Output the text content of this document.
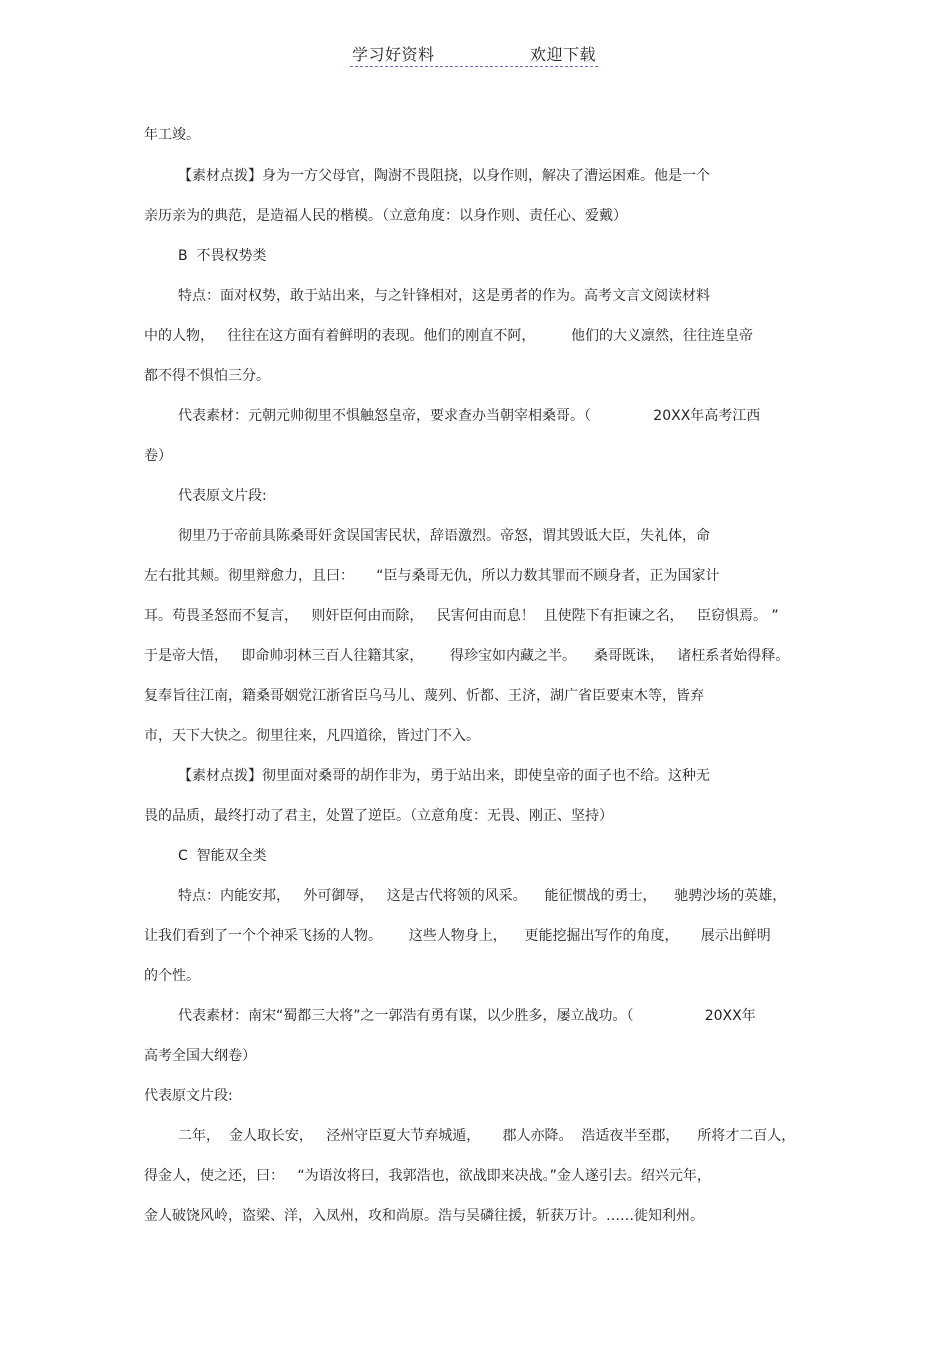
学习好资料	欢迎下载
年工竣。
【素材点拨】身为一方父母官，陶澍不畏阻挠，以身作则，解决了漕运困难。他是一个
亲历亲为的典范，是造福人民的楷模。（立意角度：以身作则、责任心、爱戴）
B  不畏权势类
特点：面对权势，敢于站出来，与之针锋相对，这是勇者的作为。高考文言文阅读材料
中的人物，   往往在这方面有着鲜明的表现。他们的刚直不阿，        他们的大义凛然，往往连皇帝
都不得不惧怕三分。
代表素材：元朝元帅彻里不惧触怒皇帝，要求查办当朝宰相桑哥。（              20XX年高考江西
卷）
代表原文片段:
彻里乃于帝前具陈桑哥奸贪误国害民状，辞语激烈。帝怒，谓其毁诋大臣，失礼体，命
左右批其颊。彻里辩愈力，且曰：     “臣与桑哥无仇，所以力数其罪而不顾身者，正为国家计
耳。苟畏圣怒而不复言，   则奸臣何由而除，   民害何由而息！  且使陛下有拒谏之名，   臣窃惧焉。 ”
于是帝大悟，   即命帅羽林三百人往籍其家，      得珍宝如内藏之半。    桑哥既诛，   诸枉系者始得释。
复奉旨往江南，籍桑哥姻党江浙省臣乌马儿、蔑列、忻都、王济，湖广省臣要束木等，皆弃
市，天下大快之。彻里往来，凡四道徐，皆过门不入。
【素材点拨】彻里面对桑哥的胡作非为，勇于站出来，即使皇帝的面子也不给。这种无
畏的品质，最终打动了君主，处置了逆臣。（立意角度：无畏、刚正、坚持）
C  智能双全类
特点：内能安邦，   外可御辱，   这是古代将领的风采。    能征惯战的勇士，    驰骋沙场的英雄，
让我们看到了一个个神采飞扬的人物。      这些人物身上，    更能挖掘出写作的角度，     展示出鲜明
的个性。
代表素材：南宋“蜀都三大将”之一郭浩有勇有谋，以少胜多，屡立战功。（                20XX年
高考全国大纲卷）
代表原文片段:
二年，  金人取长安，   泾州守臣夏大节弃城遁，     郡人亦降。  浩适夜半至郡，    所将才二百人，
得金人，使之还，曰：   “为语汝将曰，我郭浩也，欲战即来决战。”金人遂引去。绍兴元年，
金人破饶风岭，盗梁、洋，入凤州，攻和尚原。浩与吴磷往援，斩获万计。……徙知利州。
